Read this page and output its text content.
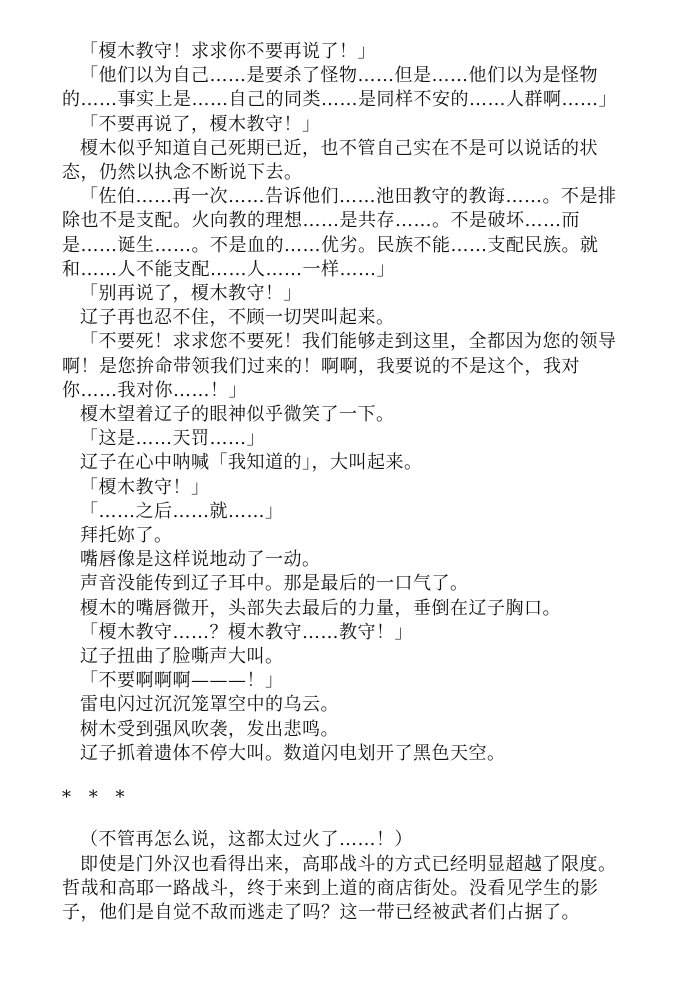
「榎木教守！求求你不要再说了！」

「他们以为自己……是要杀了怪物……但是……他们以为是怪物的……事实上是……自己的同类……是同样不安的……人群啊……」

「不要再说了，榎木教守！」

榎木似乎知道自己死期已近，也不管自己实在不是可以说话的状态，仍然以执念不断说下去。

「佐伯……再一次……告诉他们……池田教守的教诲……。不是排除也不是支配。火向教的理想……是共存……。不是破坏……而是……诞生……。不是血的……优劣。民族不能……支配民族。就和……人不能支配……人……一样……」

「别再说了，榎木教守！」

辽子再也忍不住，不顾一切哭叫起来。

「不要死！求求您不要死！我们能够走到这里，全都因为您的领导啊！是您拚命带领我们过来的！啊啊，我要说的不是这个，我对你……我对你……！」

榎木望着辽子的眼神似乎微笑了一下。

「这是……天罚……」

辽子在心中呐喊「我知道的」，大叫起来。

「榎木教守！」

「……之后……就……」

拜托妳了。

嘴唇像是这样说地动了一动。

声音没能传到辽子耳中。那是最后的一口气了。

榎木的嘴唇微开，头部失去最后的力量，垂倒在辽子胸口。

「榎木教守……？榎木教守……教守！」

辽子扭曲了脸嘶声大叫。

「不要啊啊啊———！」

雷电闪过沉沉笼罩空中的乌云。

树木受到强风吹袭，发出悲鸣。

辽子抓着遗体不停大叫。数道闪电划开了黑色天空。

* * *

（不管再怎么说，这都太过火了……！）

即使是门外汉也看得出来，高耶战斗的方式已经明显超越了限度。哲哉和高耶一路战斗，终于来到上道的商店街处。没看见学生的影子，他们是自觉不敌而逃走了吗？这一带已经被武者们占据了。
